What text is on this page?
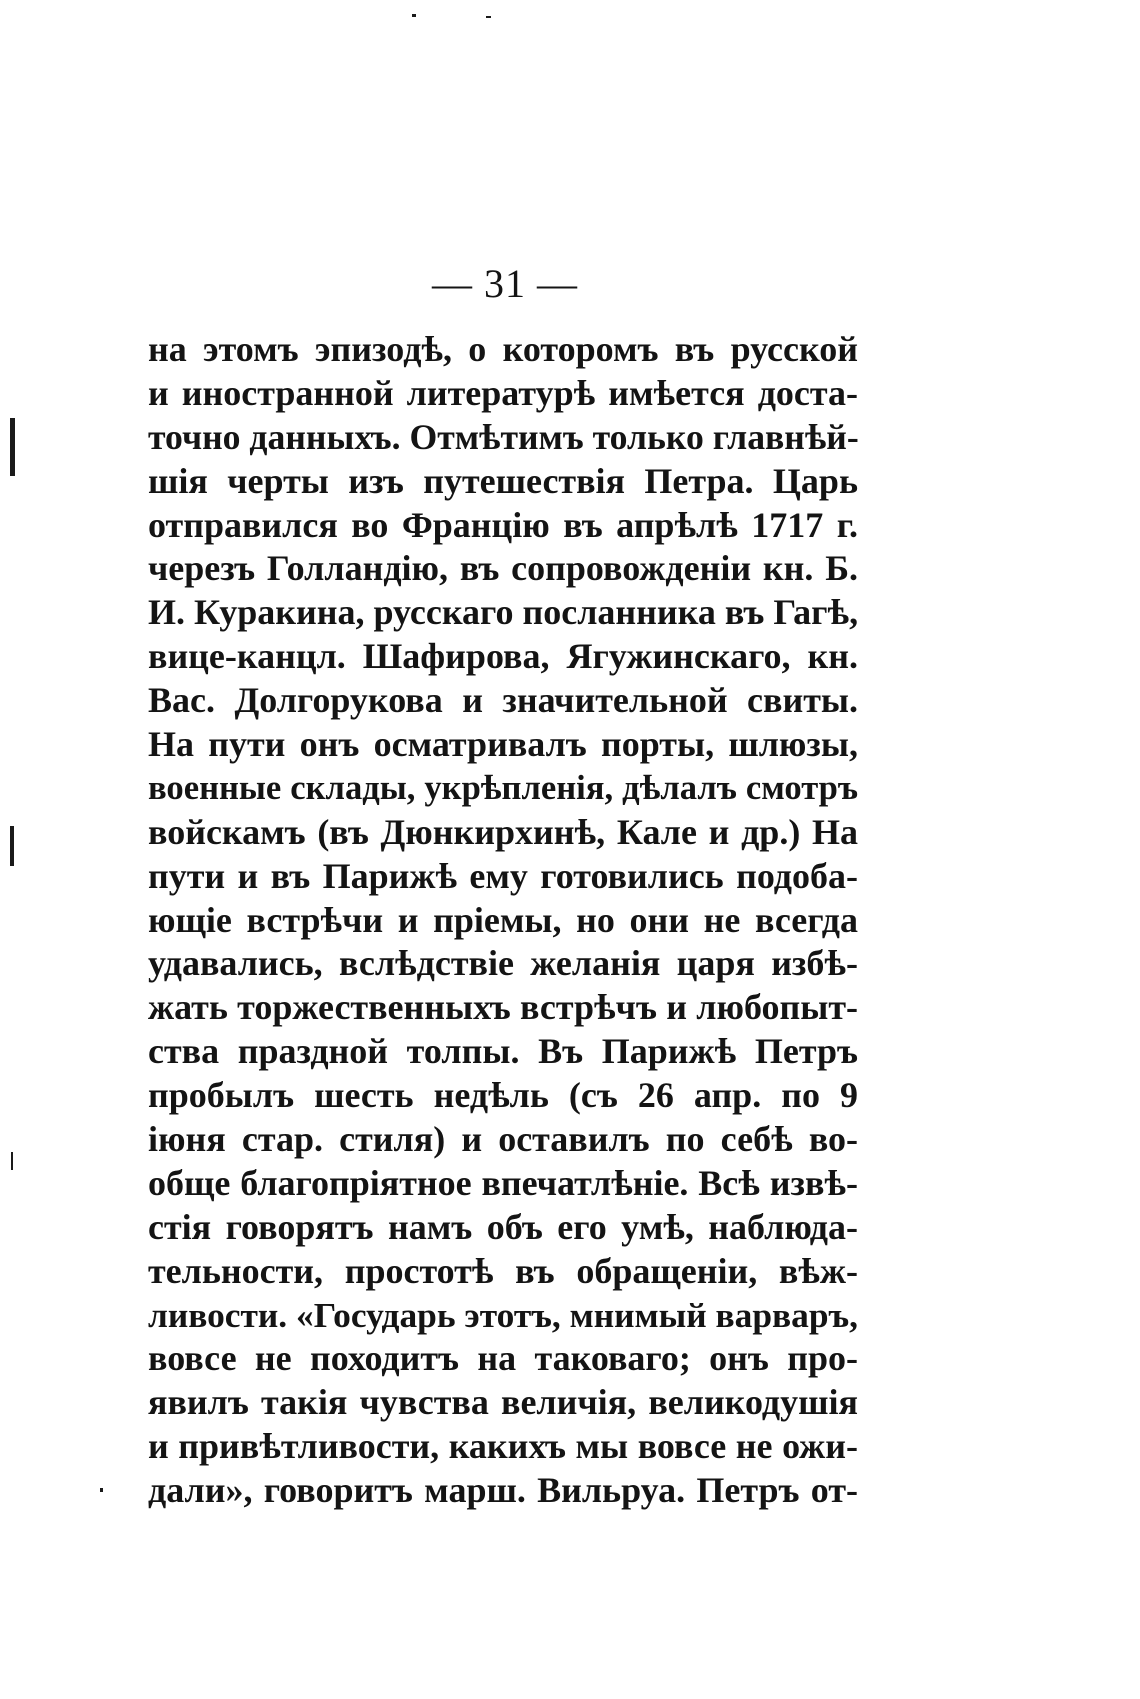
— 31 —
на этомъ эпизодѣ, о которомъ въ русской
и иностранной литературѣ имѣется доста-
точно данныхъ. Отмѣтимъ только главнѣй-
шія черты изъ путешествія Петра. Царь
отправился во Францію въ апрѣлѣ 1717 г.
черезъ Голландію, въ сопровожденіи кн. Б.
И. Куракина, русскаго посланника въ Гагѣ,
вице-канцл. Шафирова, Ягужинскаго, кн.
Вас. Долгорукова и значительной свиты.
На пути онъ осматривалъ порты, шлюзы,
военные склады, укрѣпленія, дѣлалъ смотръ
войскамъ (въ Дюнкирхинѣ, Кале и др.) На
пути и въ Парижѣ ему готовились подоба-
ющіе встрѣчи и пріемы, но они не всегда
удавались, вслѣдствіе желанія царя избѣ-
жать торжественныхъ встрѣчъ и любопыт-
ства праздной толпы. Въ Парижѣ Петръ
пробылъ шесть недѣль (съ 26 апр. по 9
іюня стар. стиля) и оставилъ по себѣ во-
обще благопріятное впечатлѣніе. Всѣ извѣ-
стія говорятъ намъ объ его умѣ, наблюда-
тельности, простотѣ въ обращеніи, вѣж-
ливости. «Государь этотъ, мнимый варваръ,
вовсе не походитъ на таковаго; онъ про-
явилъ такія чувства величія, великодушія
и привѣтливости, какихъ мы вовсе не ожи-
дали», говоритъ марш. Вильруа. Петръ от-
